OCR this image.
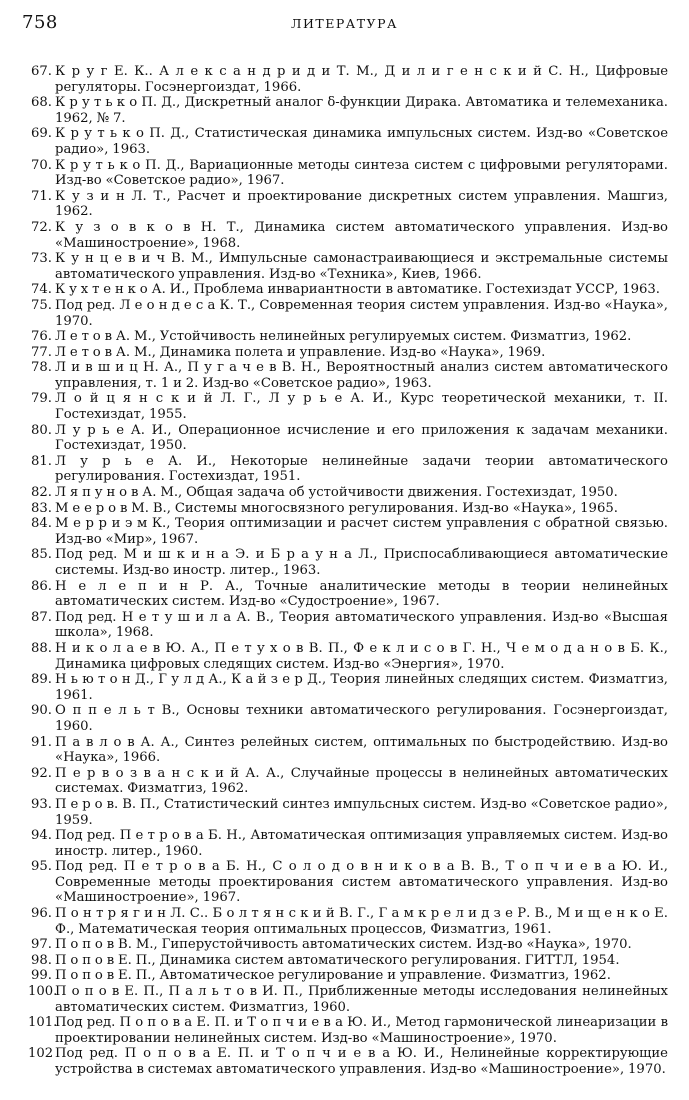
758	ЛИТЕРАТУРА
67. К р у г Е. К.. А л е к с а н д р и д и Т. М., Д и л и г е н с к и й С. Н., Цифровые регуляторы. Госэнергоиздат, 1966.
68. К р у т ь к о П. Д., Дискретный аналог δ-функции Дирака. Автоматика и телемеханика. 1962, № 7.
69. К р у т ь к о П. Д., Статистическая динамика импульсных систем. Изд-во «Советское радио», 1963.
70. К р у т ь к о П. Д., Вариационные методы синтеза систем с цифровыми регуляторами. Изд-во «Советское радио», 1967.
71. К у з и н Л. Т., Расчет и проектирование дискретных систем управления. Машгиз, 1962.
72. К у з о в к о в Н. Т., Динамика систем автоматического управления. Изд-во «Машиностроение», 1968.
73. К у н ц е в и ч В. М., Импульсные самонастраивающиеся и экстремальные системы автоматического управления. Изд-во «Техника», Киев, 1966.
74. К у х т е н к о А. И., Проблема инвариантности в автоматике. Гостехиздат УССР, 1963.
75. Под ред. Л е о н д е с а К. Т., Современная теория систем управления. Изд-во «Наука», 1970.
76. Л е т о в А. М., Устойчивость нелинейных регулируемых систем. Физматгиз, 1962.
77. Л е т о в А. М., Динамика полета и управление. Изд-во «Наука», 1969.
78. Л и в ш и ц Н. А., П у г а ч е в В. Н., Вероятностный анализ систем автоматического управления, т. 1 и 2. Изд-во «Советское радио», 1963.
79. Л о й ц я н с к и й Л. Г., Л у р ь е А. И., Курс теоретической механики, т. II. Гостехиздат, 1955.
80. Л у р ь е А. И., Операционное исчисление и его приложения к задачам механики. Гостехиздат, 1950.
81. Л у р ь е А. И., Некоторые нелинейные задачи теории автоматического регулирования. Гостехиздат, 1951.
82. Л я п у н о в А. М., Общая задача об устойчивости движения. Гостехиздат, 1950.
83. М е е р о в М. В., Системы многосвязного регулирования. Изд-во «Наука», 1965.
84. М е р р и э м К., Теория оптимизации и расчет систем управления с обратной связью. Изд-во «Мир», 1967.
85. Под ред. М и ш к и н а Э. и Б р а у н а Л., Приспосабливающиеся автоматические системы. Изд-во иностр. литер., 1963.
86. Н е л е п и н Р. А., Точные аналитические методы в теории нелинейных автоматических систем. Изд-во «Судостроение», 1967.
87. Под ред. Н е т у ш и л а А. В., Теория автоматического управления. Изд-во «Высшая школа», 1968.
88. Н и к о л а е в Ю. А., П е т у х о в В. П., Ф е к л и с о в Г. Н., Ч е м о д а н о в Б. К., Динамика цифровых следящих систем. Изд-во «Энергия», 1970.
89. Н ь ю т о н Д., Г у л д А., К а й з е р Д., Теория линейных следящих систем. Физматгиз, 1961.
90. О п п е л ь т В., Основы техники автоматического регулирования. Госэнергоиздат, 1960.
91. П а в л о в А. А., Синтез релейных систем, оптимальных по быстродействию. Изд-во «Наука», 1966.
92. П е р в о з в а н с к и й А. А., Случайные процессы в нелинейных автоматических системах. Физматгиз, 1962.
93. П е р о в. В. П., Статистический синтез импульсных систем. Изд-во «Советское радио», 1959.
94. Под ред. П е т р о в а Б. Н., Автоматическая оптимизация управляемых систем. Изд-во иностр. литер., 1960.
95. Под ред. П е т р о в а Б. Н., С о л о д о в н и к о в а В. В., Т о п ч и е в а Ю. И., Современные методы проектирования систем автоматического управления. Изд-во «Машиностроение», 1967.
96. П о н т р я г и н Л. С.. Б о л т я н с к и й В. Г., Г а м к р е л и д з е Р. В., М и щ е н к о Е. Ф., Математическая теория оптимальных процессов, Физматгиз, 1961.
97. П о п о в В. М., Гиперустойчивость автоматических систем. Изд-во «Наука», 1970.
98. П о п о в Е. П., Динамика систем автоматического регулирования. ГИТТЛ, 1954.
99. П о п о в Е. П., Автоматическое регулирование и управление. Физматгиз, 1962.
100.
П о п о в Е. П., П а л ь т о в И. П., Приближенные методы исследования нелинейных автоматических систем. Физматгиз, 1960.
101.
Под ред. П о п о в а Е. П. и Т о п ч и е в а Ю. И., Метод гармонической линеаризации в проектировании нелинейных систем. Изд-во «Машиностроение», 1970.
102 Под ред. П о п о в а Е. П. и Т о п ч и е в а Ю. И., Нелинейные корректирующие устройства в системах автоматического управления. Изд-во «Машиностроение», 1970.
